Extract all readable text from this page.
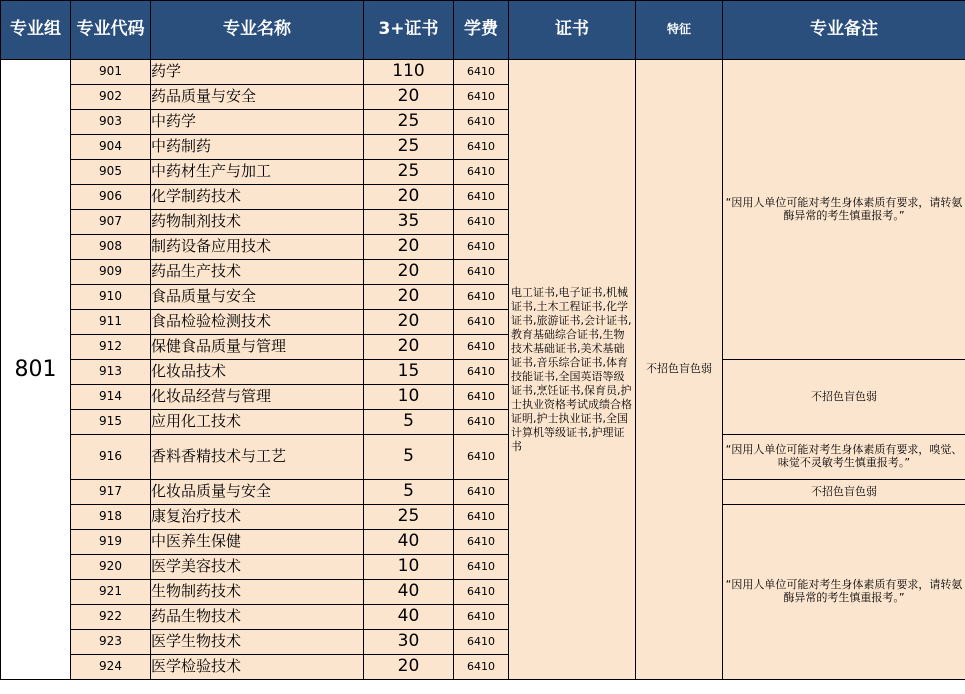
专业组	专业代码	专业名称	3+证书	学费	证书	特征	专业备注
801	901	药学	110	6410	电工证书,电子证书,机械证书,土木工程证书,化学证书,旅游证书,会计证书,教育基础综合证书,生物技术基础证书,美术基础证书,音乐综合证书,体育技能证书,全国英语等级证书,烹饪证书,保育员,护士执业资格考试成绩合格证明,护士执业证书,全国计算机等级证书,护理证书	不招色盲色弱	“因用人单位可能对考生身体素质有要求，请转氨酶异常的考生慎重报考。”
	902	药品质量与安全	20	6410			
	903	中药学	25	6410			
	904	中药制药	25	6410			
	905	中药材生产与加工	25	6410			
	906	化学制药技术	20	6410			
	907	药物制剂技术	35	6410			
	908	制药设备应用技术	20	6410			
	909	药品生产技术	20	6410			
	910	食品质量与安全	20	6410			
	911	食品检验检测技术	20	6410			
	912	保健食品质量与管理	20	6410			
	913	化妆品技术	15	6410			不招色盲色弱
	914	化妆品经营与管理	10	6410			
	915	应用化工技术	5	6410			
	916	香料香精技术与工艺	5	6410			“因用人单位可能对考生身体素质有要求，嗅觉、味觉不灵敏考生慎重报考。”
	917	化妆品质量与安全	5	6410			不招色盲色弱
	918	康复治疗技术	25	6410			“因用人单位可能对考生身体素质有要求，请转氨酶异常的考生慎重报考。”
	919	中医养生保健	40	6410			
	920	医学美容技术	10	6410			
	921	生物制药技术	40	6410			
	922	药品生物技术	40	6410			
	923	医学生物技术	30	6410			
	924	医学检验技术	20	6410			
